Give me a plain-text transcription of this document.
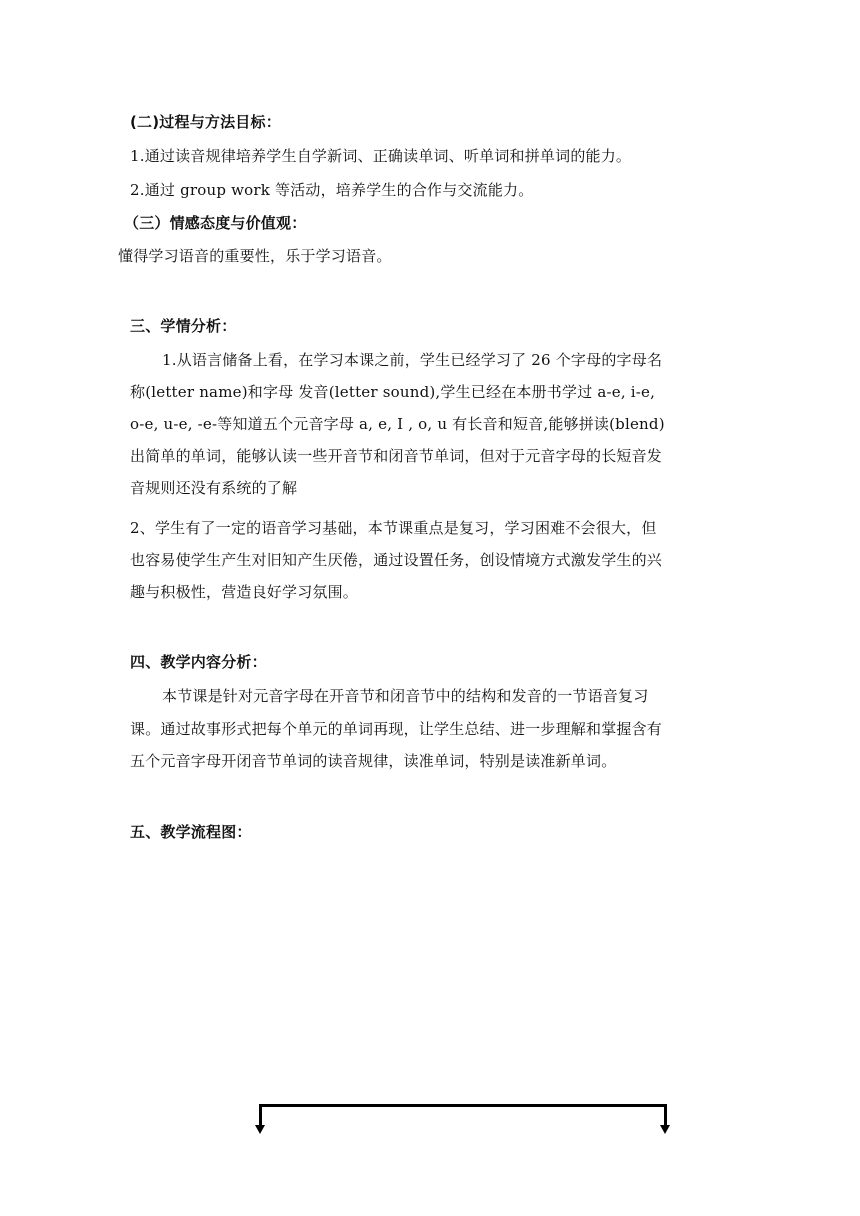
(二)过程与方法目标：
1.通过读音规律培养学生自学新词、正确读单词、听单词和拼单词的能力。
2.通过 group work 等活动，培养学生的合作与交流能力。
（三）情感态度与价值观：
懂得学习语音的重要性，乐于学习语音。
三、学情分析：
1.从语言储备上看，在学习本课之前，学生已经学习了 26 个字母的字母名
称(letter name)和字母 发音(letter sound),学生已经在本册书学过 a-e, i-e,
o-e, u-e, -e-等知道五个元音字母 a, e, I , o, u 有长音和短音,能够拼读(blend)
出简单的单词，能够认读一些开音节和闭音节单词，但对于元音字母的长短音发
音规则还没有系统的了解
2、学生有了一定的语音学习基础，本节课重点是复习，学习困难不会很大，但
也容易使学生产生对旧知产生厌倦，通过设置任务，创设情境方式激发学生的兴
趣与积极性，营造良好学习氛围。
四、教学内容分析：
本节课是针对元音字母在开音节和闭音节中的结构和发音的一节语音复习
课。通过故事形式把每个单元的单词再现，让学生总结、进一步理解和掌握含有
五个元音字母开闭音节单词的读音规律，读准单词，特别是读准新单词。
五、教学流程图：
